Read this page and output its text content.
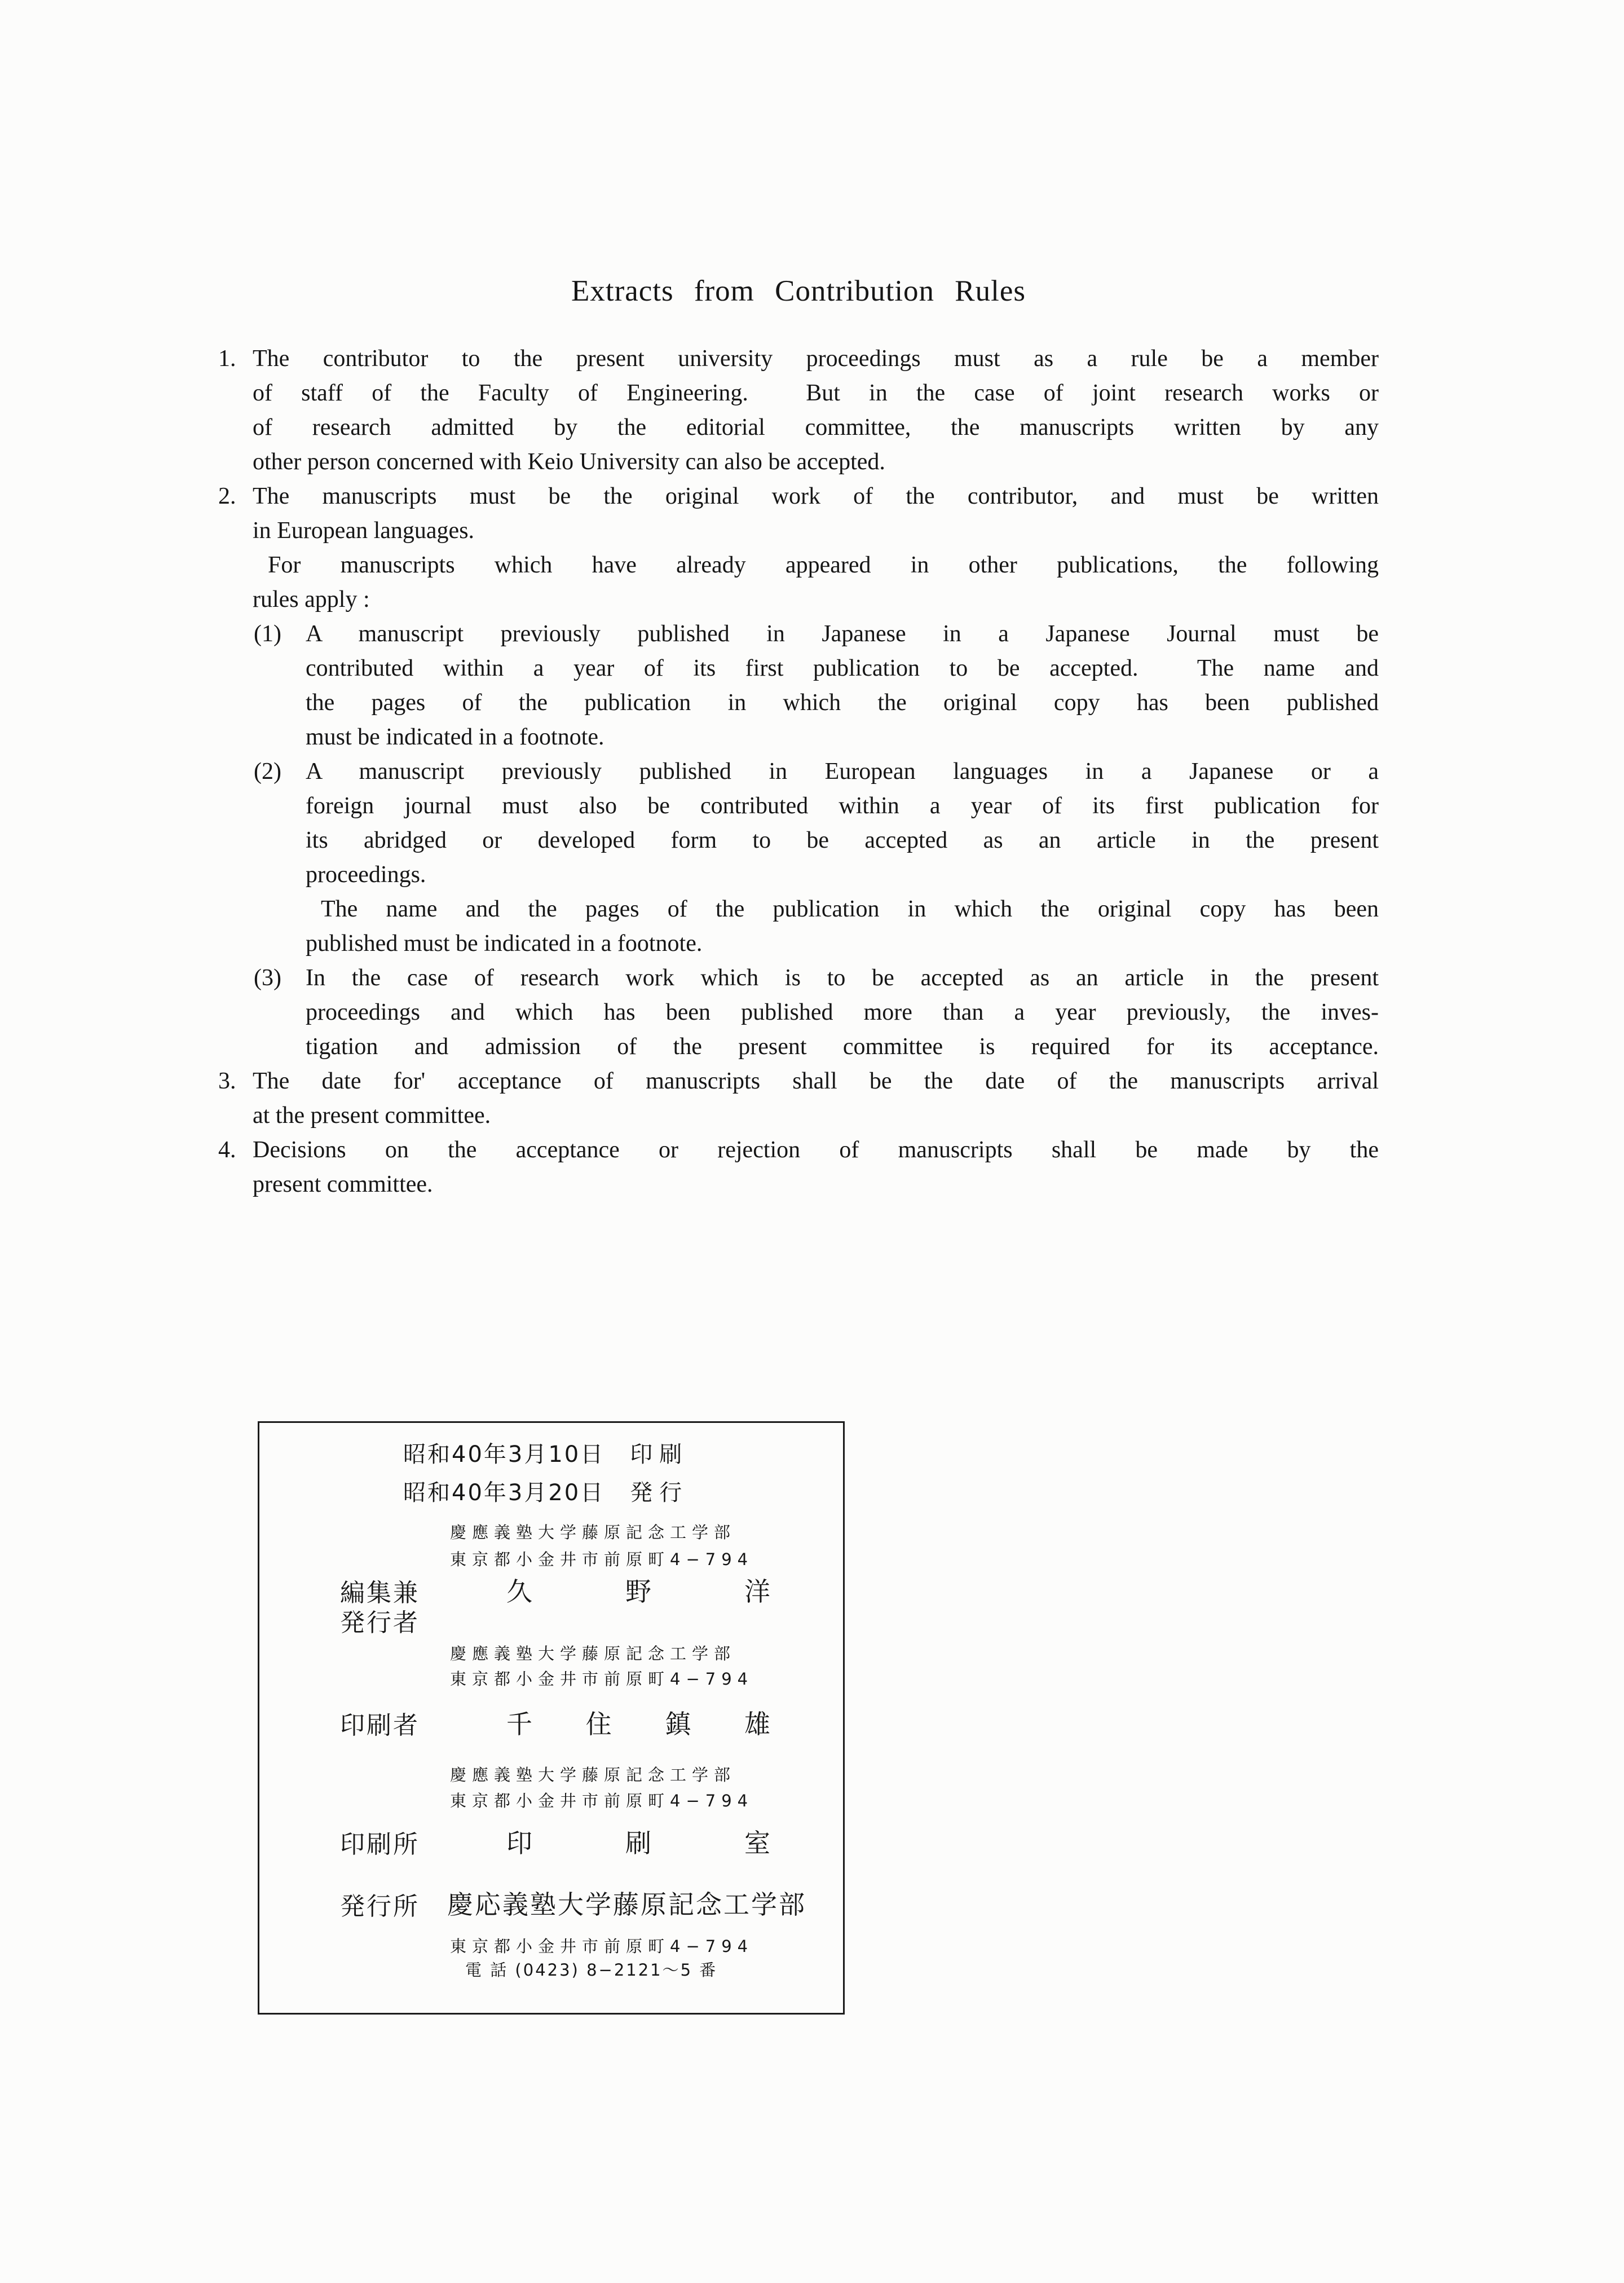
Extracts from Contribution Rules
1. The contributor to the present university proceedings must as a rule be a member
of staff of the Faculty of Engineering.  But in the case of joint research works or
of research admitted by the editorial committee, the manuscripts written by any
other person concerned with Keio University can also be accepted.
2. The manuscripts must be the original work of the contributor, and must be written
in European languages.
For manuscripts which have already appeared in other publications, the following
rules apply :
(1)	A manuscript previously published in Japanese in a Japanese Journal must be
contributed within a year of its first publication to be accepted.  The name and
the pages of the publication in which the original copy has been published
must be indicated in a footnote.
(2)	A manuscript previously published in European languages in a Japanese or a
foreign journal must also be contributed within a year of its first publication for
its abridged or developed form to be accepted as an article in the present
proceedings.
The name and the pages of the publication in which the original copy has been
published must be indicated in a footnote.
(3)	In the case of research work which is to be accepted as an article in the present
proceedings and which has been published more than a year previously, the inves-
tigation and admission of the present committee is required for its acceptance.
3. The date for' acceptance of manuscripts shall be the date of the manuscripts arrival
at the present committee.
4. Decisions on the acceptance or rejection of manuscripts shall be made by the
present committee.
昭和40年3月10日 印刷
昭和40年3月20日 発行
慶應義塾大学藤原記念工学部
東京都小金井市前原町4−794
編集兼
発行者
久	野	洋
慶應義塾大学藤原記念工学部
東京都小金井市前原町4−794
印刷者	千 住 鎮 雄
慶應義塾大学藤原記念工学部
東京都小金井市前原町4−794
印刷所	印	刷	室
発行所 慶応義塾大学藤原記念工学部
東京都小金井市前原町4−794
電 話 (0423) 8−2121〜5 番
